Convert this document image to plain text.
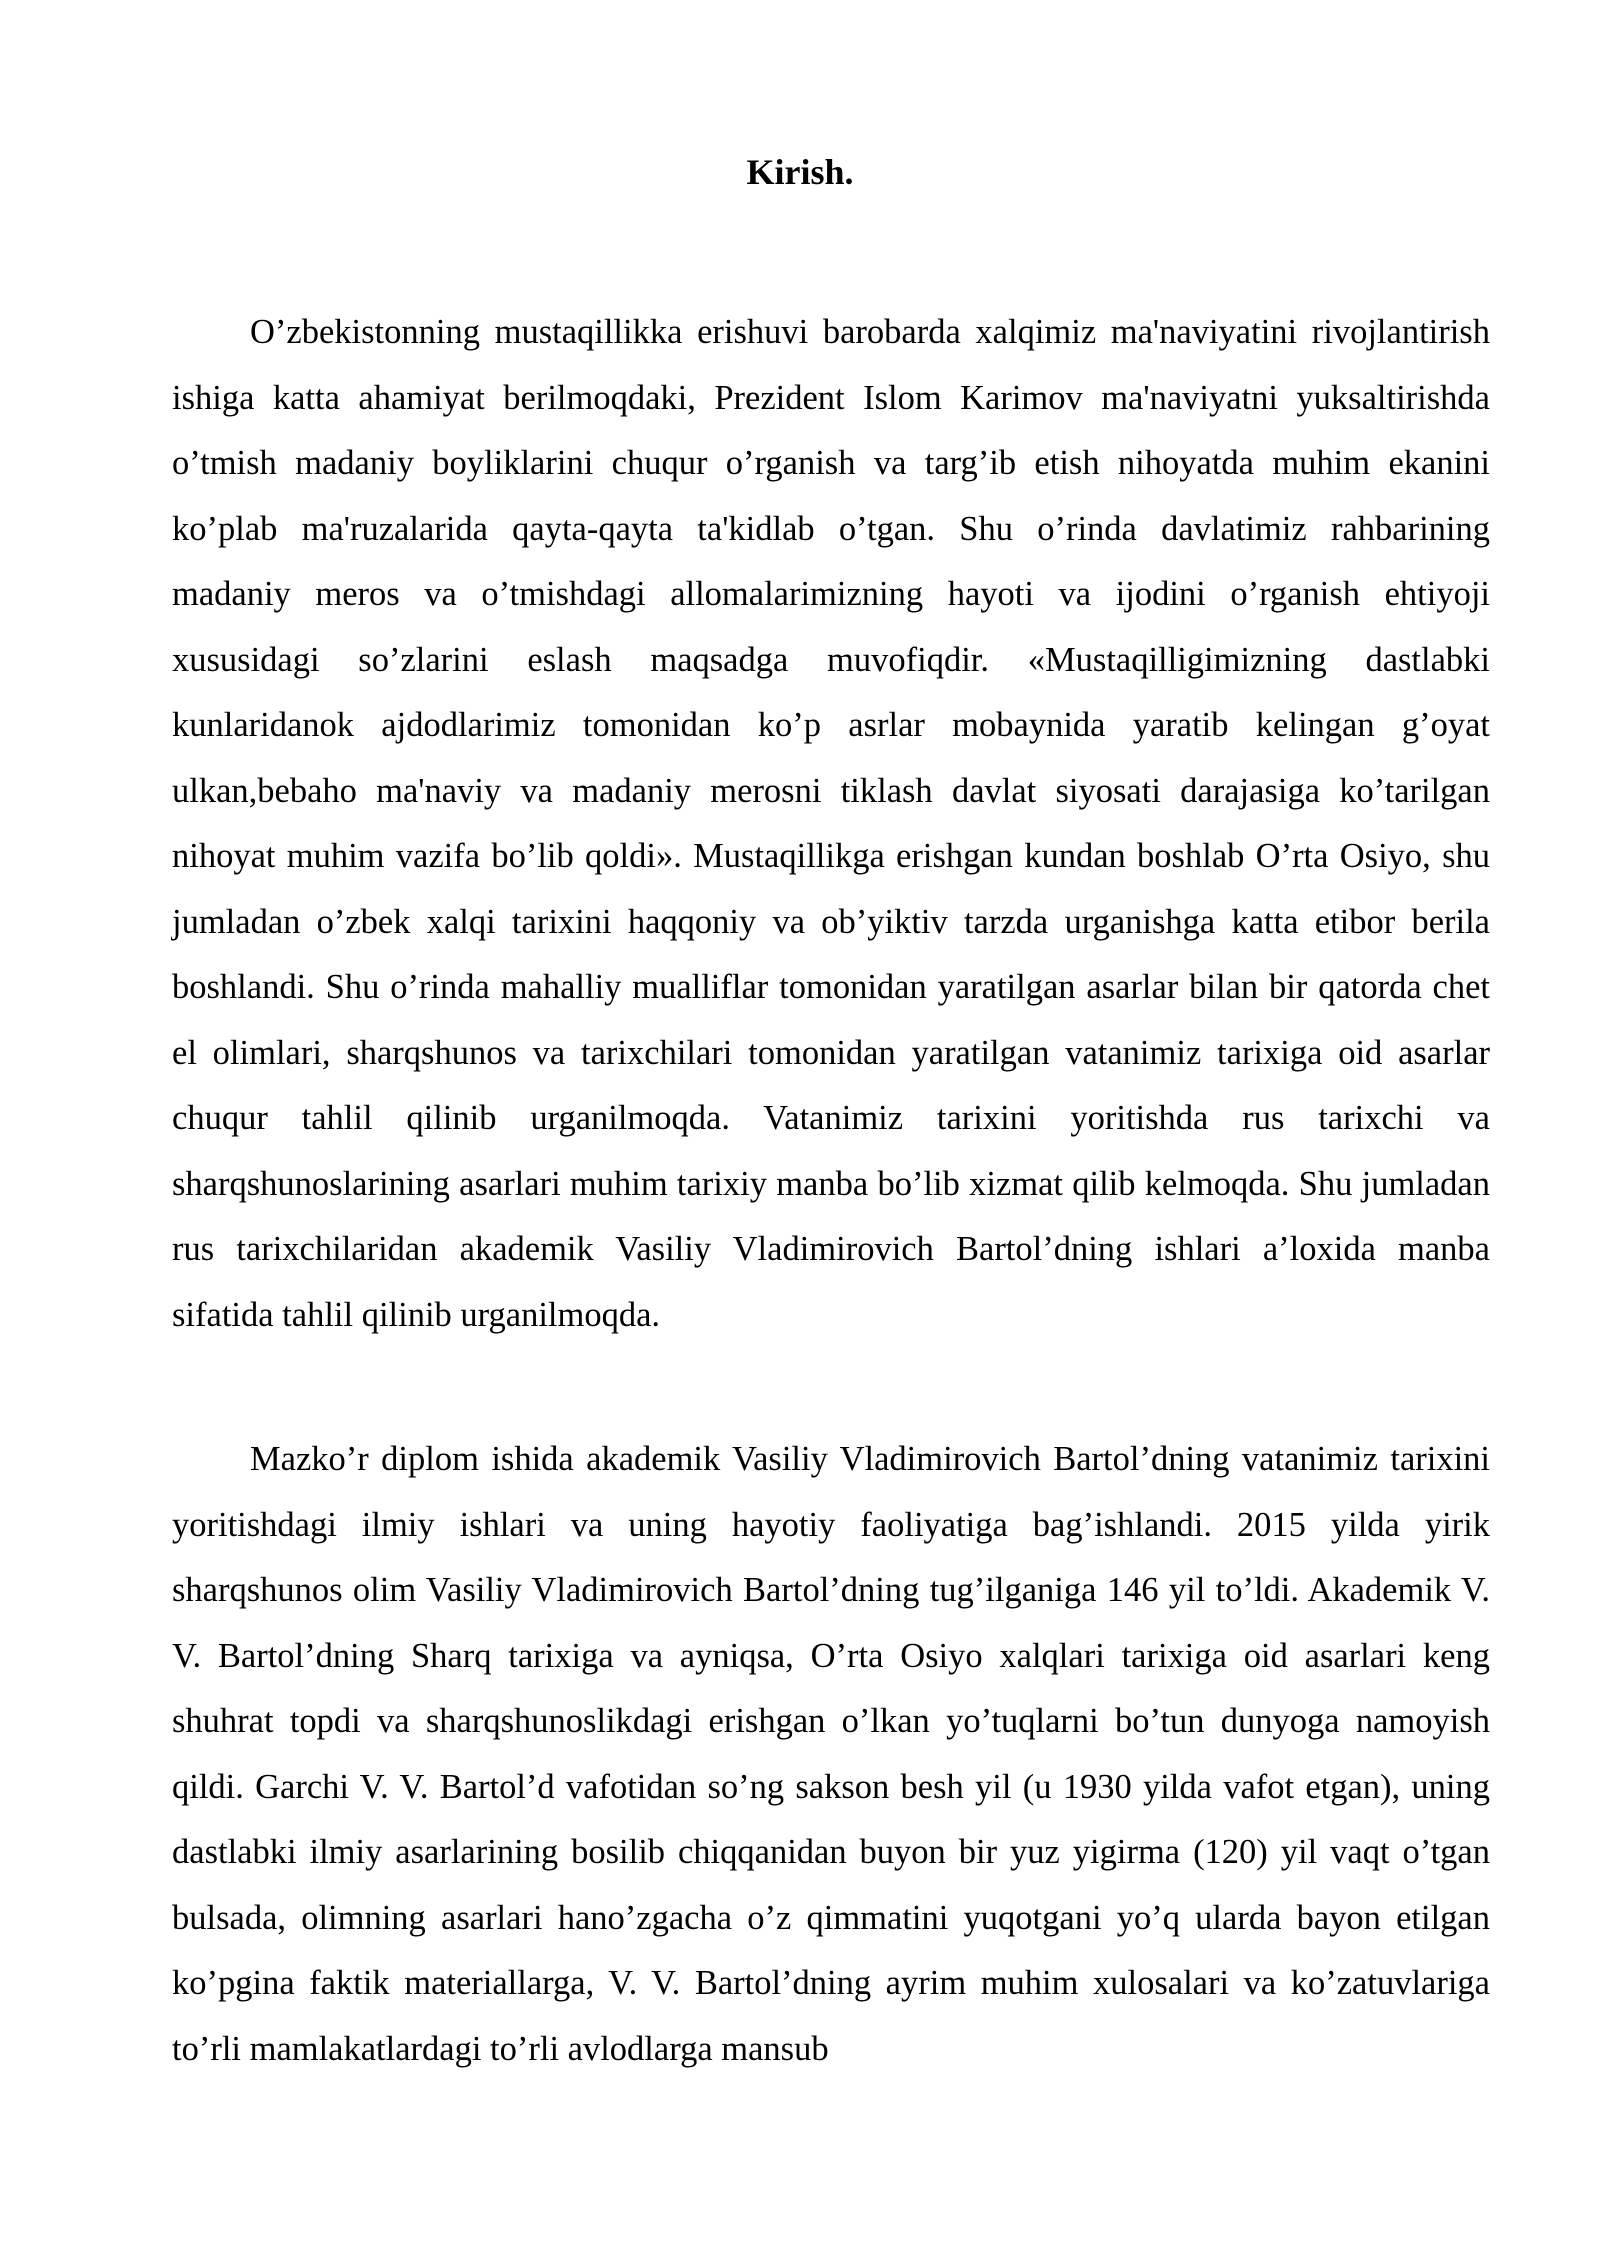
Kirish.

O’zbekistonning mustaqillikka erishuvi barobarda xalqimiz ma'naviyatini rivojlantirish ishiga katta ahamiyat berilmoqdaki, Prezident Islom Karimov ma'naviyatni yuksaltirishda o’tmish madaniy boyliklarini chuqur o’rganish va targ’ib etish nihoyatda muhim ekanini ko’plab ma'ruzalarida qayta-qayta ta'kidlab o’tgan. Shu o’rinda davlatimiz rahbarining madaniy meros va o’tmishdagi allomalarimizning hayoti va ijodini o’rganish ehtiyoji xususidagi so’zlarini eslash maqsadga muvofiqdir. «Mustaqilligimizning dastlabki kunlaridanok ajdodlarimiz tomonidan ko’p asrlar mobaynida yaratib kelingan g’oyat ulkan,bebaho ma'naviy va madaniy merosni tiklash davlat siyosati darajasiga ko’tarilgan nihoyat muhim vazifa bo’lib qoldi». Mustaqillikga erishgan kundan boshlab O’rta Osiyo, shu jumladan o’zbek xalqi tarixini haqqoniy va ob’yiktiv tarzda urganishga katta etibor berila boshlandi. Shu o’rinda mahalliy mualliflar tomonidan yaratilgan asarlar bilan bir qatorda chet el olimlari, sharqshunos va tarixchilari tomonidan yaratilgan vatanimiz tarixiga oid asarlar chuqur tahlil qilinib urganilmoqda. Vatanimiz tarixini yoritishda rus tarixchi va sharqshunoslarining asarlari muhim tarixiy manba bo’lib xizmat qilib kelmoqda. Shu jumladan rus tarixchilaridan akademik Vasiliy Vladimirovich Bartol’dning ishlari a’loxida manba sifatida tahlil qilinib urganilmoqda.

Mazko’r diplom ishida akademik Vasiliy Vladimirovich Bartol’dning vatanimiz tarixini yoritishdagi ilmiy ishlari va uning hayotiy faoliyatiga bag’ishlandi. 2015 yilda yirik sharqshunos olim Vasiliy Vladimirovich Bartol’dning tug’ilganiga 146 yil to’ldi. Akademik V. V. Bartol’dning Sharq tarixiga va ayniqsa, O’rta Osiyo xalqlari tarixiga oid asarlari keng shuhrat topdi va sharqshunoslikdagi erishgan o’lkan yo’tuqlarni bo’tun dunyoga namoyish qildi. Garchi V. V. Bartol’d vafotidan so’ng sakson besh yil (u 1930 yilda vafot etgan), uning dastlabki ilmiy asarlarining bosilib chiqqanidan buyon bir yuz yigirma (120) yil vaqt o’tgan bulsada, olimning asarlari hano’zgacha o’z qimmatini yuqotgani yo’q ularda bayon etilgan ko’pgina faktik materiallarga, V. V. Bartol’dning ayrim muhim xulosalari va ko’zatuvlariga to’rli mamlakatlardagi to’rli avlodlarga mansub
